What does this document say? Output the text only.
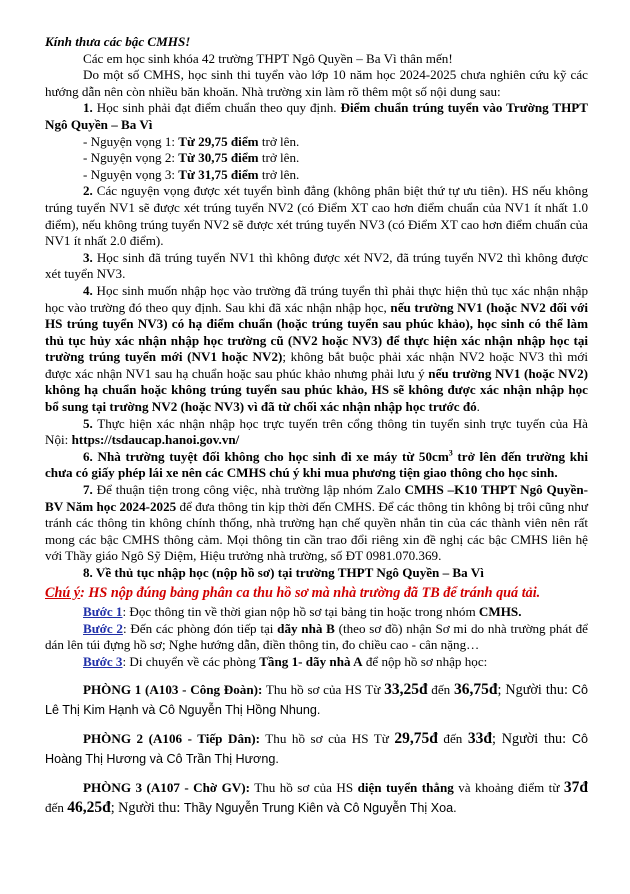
Kính thưa các bậc CMHS!

Các em học sinh khóa 42 trường THPT Ngô Quyền – Ba Vì thân mến!

Do một số CMHS, học sinh thi tuyển vào lớp 10 năm học 2024-2025 chưa nghiên cứu kỹ các hướng dẫn nên còn nhiều băn khoăn. Nhà trường xin làm rõ thêm một số nội dung sau:

1. Học sinh phải đạt điểm chuẩn theo quy định. Điểm chuẩn trúng tuyển vào Trường THPT Ngô Quyền – Ba Vì

- Nguyện vọng 1: Từ 29,75 điểm trở lên.

- Nguyện vọng 2: Từ 30,75 điểm trở lên.

- Nguyện vọng 3: Từ 31,75 điểm trở lên.

2. Các nguyện vọng được xét tuyển bình đẳng (không phân biệt thứ tự ưu tiên). HS nếu không trúng tuyển NV1 sẽ được xét trúng tuyển NV2 (có Điểm XT cao hơn điểm chuẩn của NV1 ít nhất 1.0 điểm), nếu không trúng tuyển NV2 sẽ được xét trúng tuyển NV3 (có Điểm XT cao hơn điểm chuẩn của NV1 ít nhất 2.0 điểm).

3. Học sinh đã trúng tuyển NV1 thì không được xét NV2, đã trúng tuyển NV2 thì không được xét tuyển NV3.

4. Học sinh muốn nhập học vào trường đã trúng tuyển thì phải thực hiện thủ tục xác nhận nhập học vào trường đó theo quy định. Sau khi đã xác nhận nhập học, nếu trường NV1 (hoặc NV2 đối với HS trúng tuyển NV3) có hạ điểm chuẩn (hoặc trúng tuyển sau phúc khảo), học sinh có thể làm thủ tục hủy xác nhận nhập học trường cũ (NV2 hoặc NV3) để thực hiện xác nhận nhập học tại trường trúng tuyển mới (NV1 hoặc NV2); không bắt buộc phải xác nhận NV2 hoặc NV3 thì mới được xác nhận NV1 sau hạ chuẩn hoặc sau phúc khảo nhưng phải lưu ý nếu trường NV1 (hoặc NV2) không hạ chuẩn hoặc không trúng tuyển sau phúc khảo, HS sẽ không được xác nhận nhập học bổ sung tại trường NV2 (hoặc NV3) vì đã từ chối xác nhận nhập học trước đó.

5. Thực hiện xác nhận nhập học trực tuyến trên cổng thông tin tuyển sinh trực tuyến của Hà Nội: https://tsdaucap.hanoi.gov.vn/

6. Nhà trường tuyệt đối không cho học sinh đi xe máy từ $50cm^3$ trở lên đến trường khi chưa có giấy phép lái xe nên các CMHS chú ý khi mua phương tiện giao thông cho học sinh.

7. Để thuận tiện trong công việc, nhà trường lập nhóm Zalo CMHS –K10 THPT Ngô Quyền-BV Năm học 2024-2025 để đưa thông tin kịp thời đến CMHS. Để các thông tin không bị trôi cũng như tránh các thông tin không chính thống, nhà trường hạn chế quyền nhắn tin của các thành viên nên rất mong các bậc CMHS thông cảm. Mọi thông tin cần trao đổi riêng xin đề nghị các bậc CMHS liên hệ với Thầy giáo Ngô Sỹ Diệm, Hiệu trưởng nhà trường, số ĐT 0981.070.369.

8. Về thủ tục nhập học (nộp hồ sơ) tại trường THPT Ngô Quyền – Ba Vì

Chú ý: HS nộp đúng bảng phân ca thu hồ sơ mà nhà trường đã TB để tránh quá tải.

Bước 1: Đọc thông tin về thời gian nộp hồ sơ tại bảng tin hoặc trong nhóm CMHS.

Bước 2: Đến các phòng đón tiếp tại dãy nhà B (theo sơ đồ) nhận Sơ mi do nhà trường phát để dán lên túi đựng hồ sơ; Nghe hướng dẫn, điền thông tin, đo chiều cao - cân nặng…

Bước 3: Di chuyển về các phòng Tầng 1- dãy nhà A để nộp hồ sơ nhập học:

PHÒNG 1 (A103 - Công Đoàn): Thu hồ sơ của HS Từ 33,25đ đến 36,75đ; Người thu: Cô Lê Thị Kim Hạnh và Cô Nguyễn Thị Hồng Nhung.

PHÒNG 2 (A106 - Tiếp Dân): Thu hồ sơ của HS Từ 29,75đ đến 33đ; Người thu: Cô Hoàng Thị Hương và Cô Trần Thị Hương.

PHÒNG 3 (A107 - Chờ GV): Thu hồ sơ của HS diện tuyển thẳng và khoảng điểm từ 37đ đến 46,25đ; Người thu: Thầy Nguyễn Trung Kiên và Cô Nguyễn Thị Xoa.
